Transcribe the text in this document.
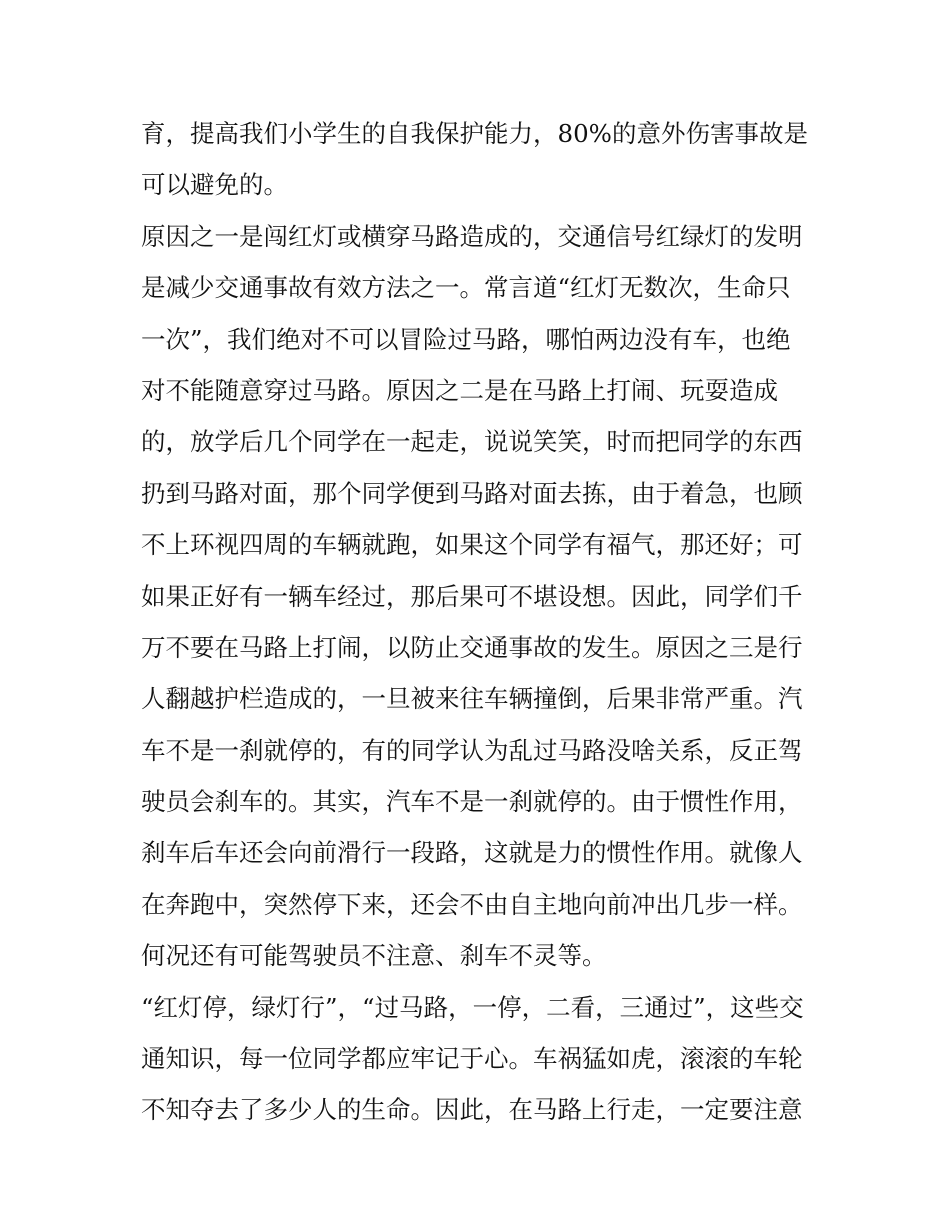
育，提高我们小学生的自我保护能力，80%的意外伤害事故是
可以避免的。
原因之一是闯红灯或横穿马路造成的，交通信号红绿灯的发明
是减少交通事故有效方法之一。常言道“红灯无数次，生命只
一次”，我们绝对不可以冒险过马路，哪怕两边没有车，也绝
对不能随意穿过马路。原因之二是在马路上打闹、玩耍造成
的，放学后几个同学在一起走，说说笑笑，时而把同学的东西
扔到马路对面，那个同学便到马路对面去拣，由于着急，也顾
不上环视四周的车辆就跑，如果这个同学有福气，那还好；可
如果正好有一辆车经过，那后果可不堪设想。因此，同学们千
万不要在马路上打闹，以防止交通事故的发生。原因之三是行
人翻越护栏造成的，一旦被来往车辆撞倒，后果非常严重。汽
车不是一刹就停的，有的同学认为乱过马路没啥关系，反正驾
驶员会刹车的。其实，汽车不是一刹就停的。由于惯性作用，
刹车后车还会向前滑行一段路，这就是力的惯性作用。就像人
在奔跑中，突然停下来，还会不由自主地向前冲出几步一样。
何况还有可能驾驶员不注意、刹车不灵等。
“红灯停，绿灯行”，“过马路，一停，二看，三通过”，这些交
通知识，每一位同学都应牢记于心。车祸猛如虎，滚滚的车轮
不知夺去了多少人的生命。因此，在马路上行走，一定要注意
